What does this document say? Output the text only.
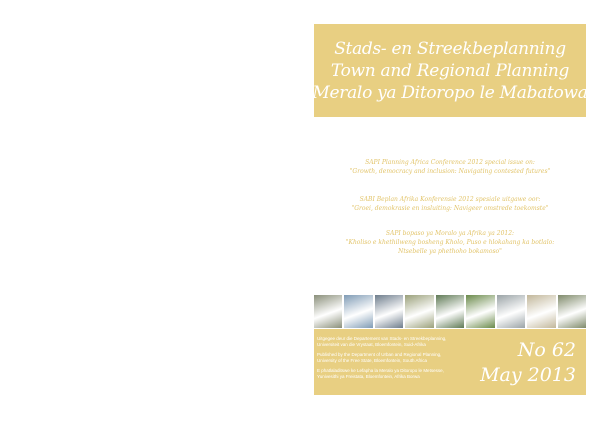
Stads- en Streekbeplanning
Town and Regional Planning
Meralo ya Ditoropo le Mabatowa
SAPI Planning Africa Conference 2012 special issue on:
"Growth, democracy and inclusion: Navigating contested futures"
SABI Beplan Afrika Konferensie 2012 spesiale uitgawe oor:
"Groei, demokrasie en insluiting: Navigeer omstrede toekomste"
SAPI bopaso ya Moralo ya Afrika ya 2012:
"Kholiso e khethilweng bosheng Kholo, Puso e hlokahang ka botlalo:
Ntsebelle ya phethoho bokamoso"
Uitgegee deur die Departement van Stads- en Streekbeplanning,
Universiteit van die Vrystaat, Bloemfontein, Suid-Afrika
Published by the Department of Urban and Regional Planning,
University of the Free State, Bloemfontein, South Africa
E phatlaladitswe ke Lefapha la Meralo ya Ditoropo le Metsesse,
Yunivesithi ya Freistata, Bloemfontein, Afrika Borwa
No 62
May 2013
